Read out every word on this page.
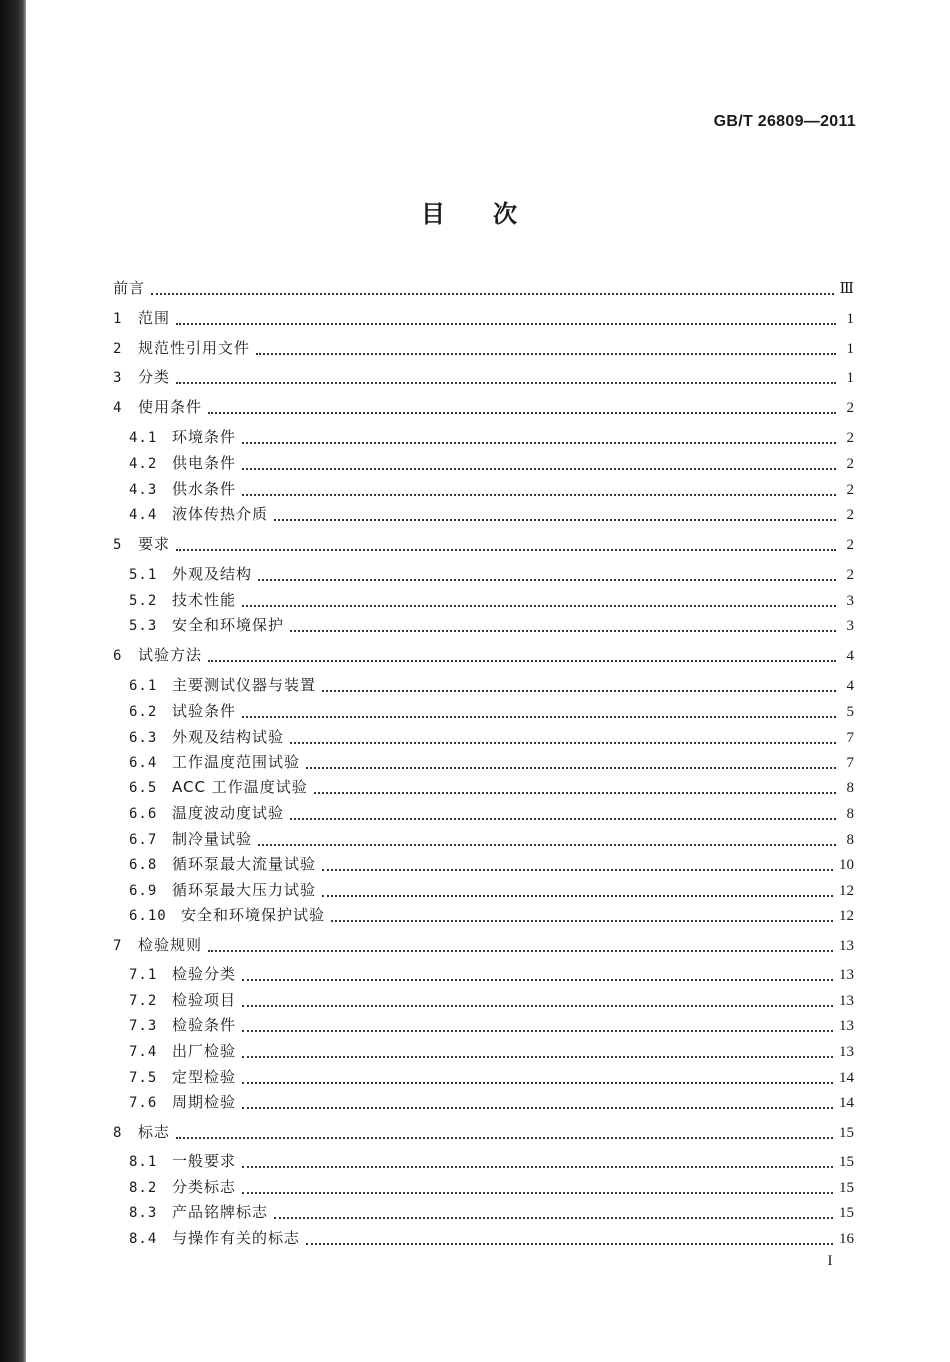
GB/T 26809—2011
目次
前言	Ⅲ
1	范围	1
2	规范性引用文件	1
3	分类	1
4	使用条件	2
4.1 环境条件	2
4.2 供电条件	2
4.3 供水条件	2
4.4 液体传热介质	2
5	要求	2
5.1 外观及结构	2
5.2 技术性能	3
5.3 安全和环境保护	3
6	试验方法	4
6.1 主要测试仪器与装置	4
6.2 试验条件	5
6.3 外观及结构试验	7
6.4 工作温度范围试验	7
6.5 ACC 工作温度试验	8
6.6 温度波动度试验	8
6.7 制冷量试验	8
6.8 循环泵最大流量试验	10
6.9 循环泵最大压力试验	12
6.10 安全和环境保护试验	12
7	检验规则	13
7.1 检验分类	13
7.2 检验项目	13
7.3 检验条件	13
7.4 出厂检验	13
7.5 定型检验	14
7.6 周期检验	14
8	标志	15
8.1 一般要求	15
8.2 分类标志	15
8.3 产品铭牌标志	15
8.4 与操作有关的标志	16
I
